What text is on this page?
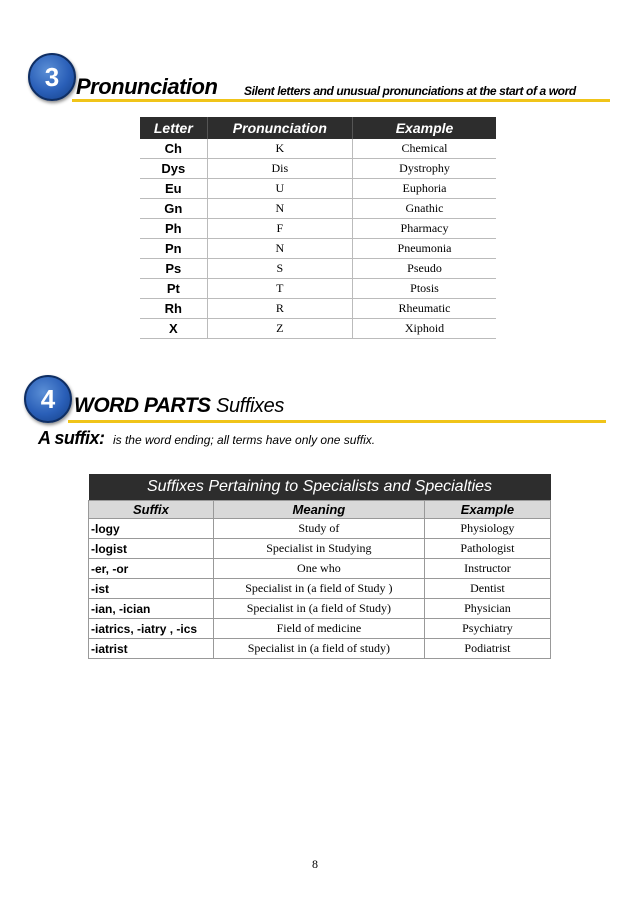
3 Pronunciation Silent letters and unusual pronunciations at the start of a word
Letter	Pronunciation	Example
Ch	K	Chemical
Dys	Dis	Dystrophy
Eu	U	Euphoria
Gn	N	Gnathic
Ph	F	Pharmacy
Pn	N	Pneumonia
Ps	S	Pseudo
Pt	T	Ptosis
Rh	R	Rheumatic
X	Z	Xiphoid
4 WORD PARTS Suffixes
A suffix: is the word ending; all terms have only one suffix.
Suffixes Pertaining to Specialists and Specialties		
Suffix	Meaning	Example
-logy	Study of	Physiology
-logist	Specialist in Studying	Pathologist
-er, -or	One who	Instructor
-ist	Specialist in (a field of Study )	Dentist
-ian, -ician	Specialist in (a field of Study)	Physician
-iatrics, -iatry , -ics	Field of medicine	Psychiatry
-iatrist	Specialist in (a field of study)	Podiatrist
8
